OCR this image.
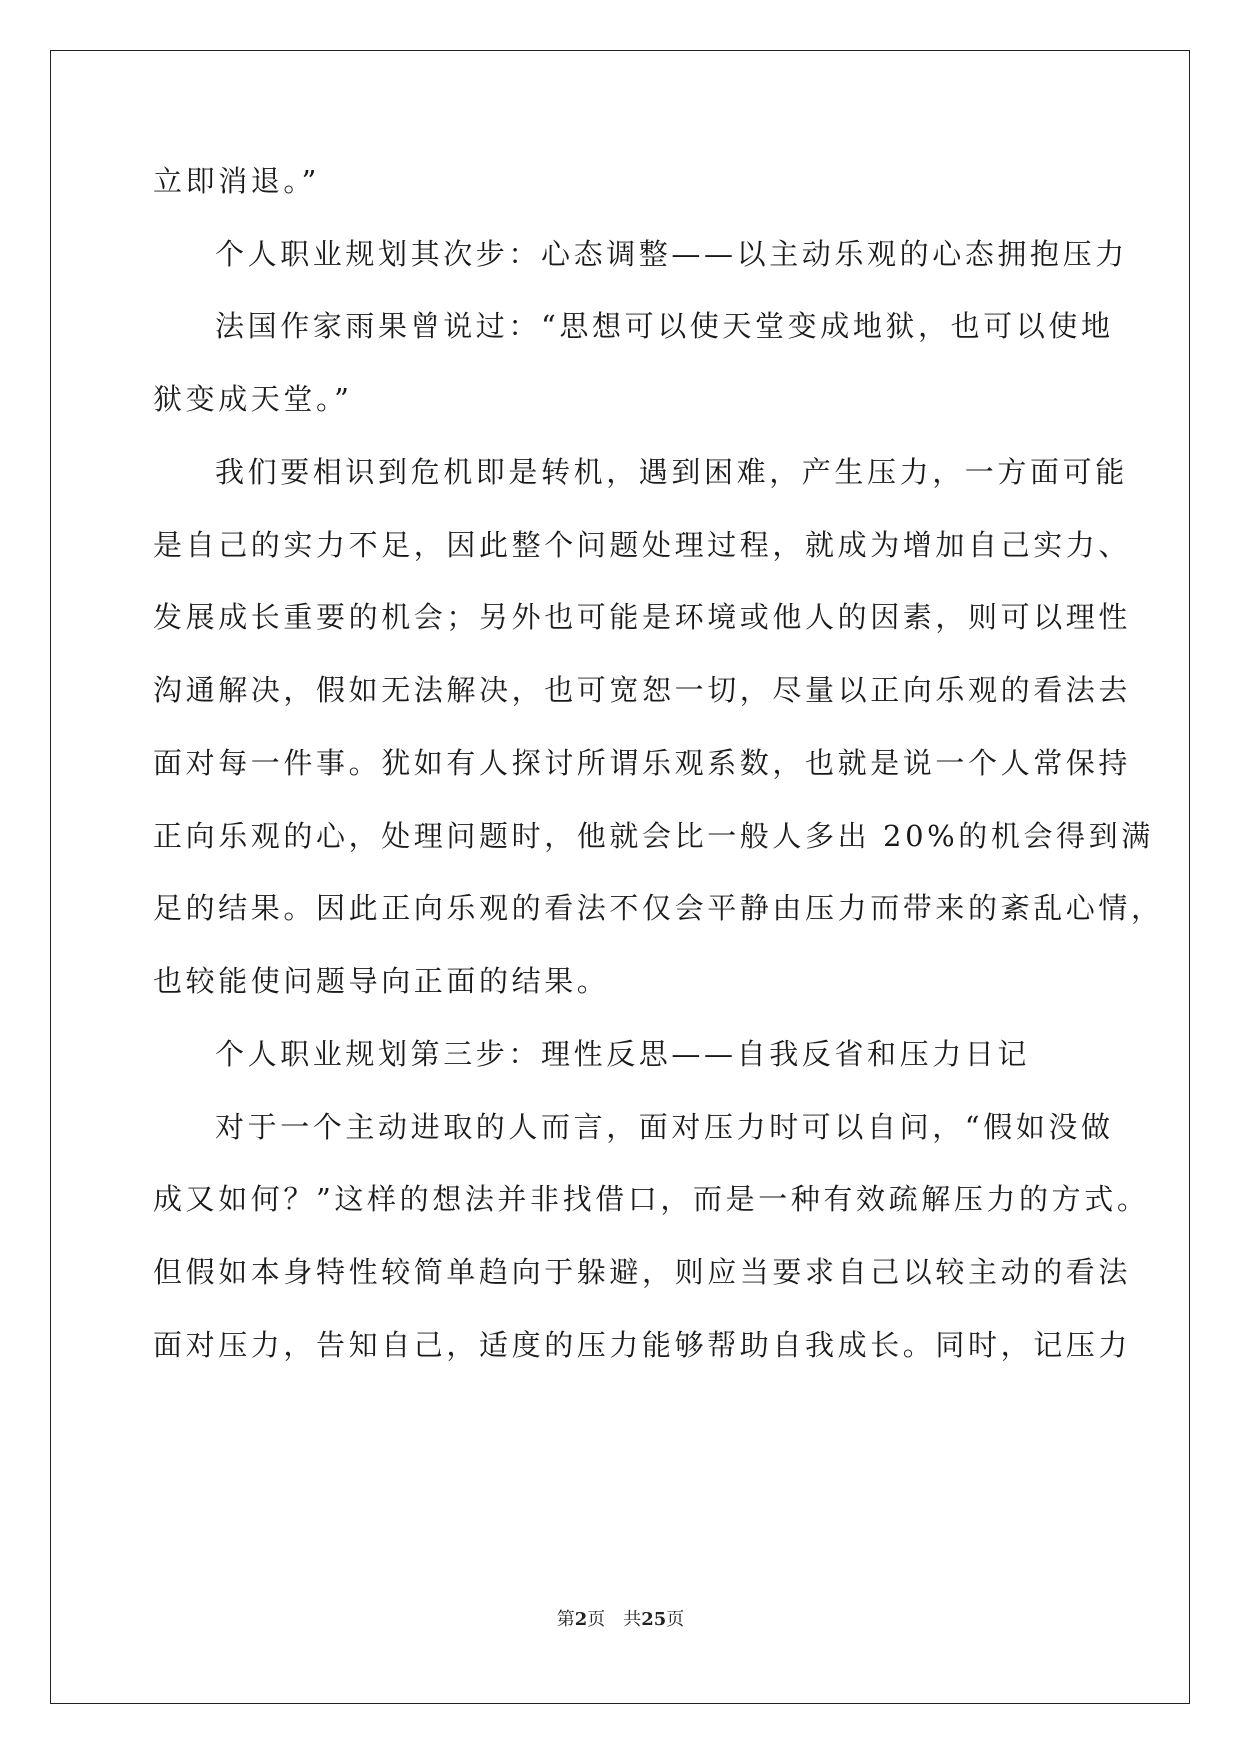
立即消退。”
个人职业规划其次步：心态调整——以主动乐观的心态拥抱压力
法国作家雨果曾说过：“思想可以使天堂变成地狱，也可以使地
狱变成天堂。”
我们要相识到危机即是转机，遇到困难，产生压力，一方面可能
是自己的实力不足，因此整个问题处理过程，就成为增加自己实力、
发展成长重要的机会；另外也可能是环境或他人的因素，则可以理性
沟通解决，假如无法解决，也可宽恕一切，尽量以正向乐观的看法去
面对每一件事。犹如有人探讨所谓乐观系数，也就是说一个人常保持
正向乐观的心，处理问题时，他就会比一般人多出 20%的机会得到满
足的结果。因此正向乐观的看法不仅会平静由压力而带来的紊乱心情，
也较能使问题导向正面的结果。
个人职业规划第三步：理性反思——自我反省和压力日记
对于一个主动进取的人而言，面对压力时可以自问，“假如没做
成又如何？”这样的想法并非找借口，而是一种有效疏解压力的方式。
但假如本身特性较简单趋向于躲避，则应当要求自己以较主动的看法
面对压力，告知自己，适度的压力能够帮助自我成长。同时，记压力
第2页 共25页
